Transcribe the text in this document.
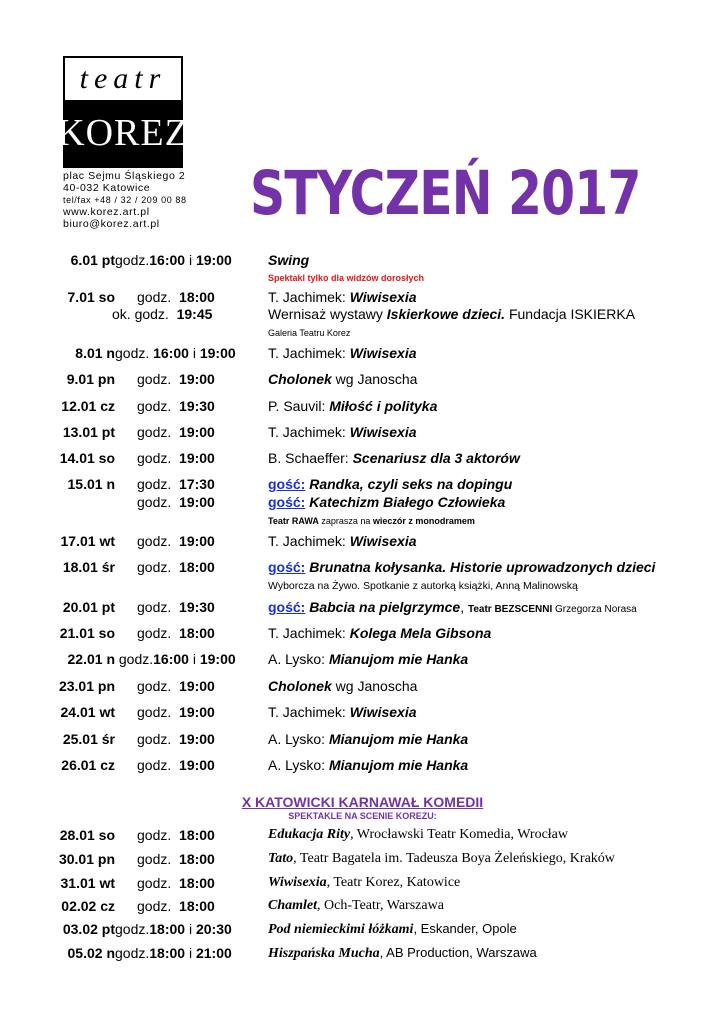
teatr
KOREZ
plac Sejmu Śląskiego 2
40-032 Katowice
tel/fax +48 / 32 / 209 00 88
www.korez.art.pl
biuro@korez.art.pl	STYCZEŃ 2017
6.01 pt godz.16:00 i 19:00	Swing
Spektakl tylko dla widzów dorosłych
7.01 so godz. 18:00	T. Jachimek: Wiwisexia
ok. godz. 19:45	Wernisaż wystawy Iskierkowe dzieci. Fundacja ISKIERKA
Galeria Teatru Korez
8.01 n godz. 16:00 i 19:00	T. Jachimek: Wiwisexia
9.01 pn godz. 19:00	Cholonek wg Janoscha
12.01 cz godz. 19:30	P. Sauvil: Miłość i polityka
13.01 pt godz. 19:00	T. Jachimek: Wiwisexia
14.01 so godz. 19:00	B. Schaeffer: Scenariusz dla 3 aktorów
15.01 n godz. 17:30	gość: Randka, czyli seks na dopingu
godz. 19:00	gość: Katechizm Białego Człowieka
Teatr RAWA zaprasza na wieczór z monodramem
17.01 wt godz. 19:00	T. Jachimek: Wiwisexia
18.01 śr godz. 18:00	gość: Brunatna kołysanka. Historie uprowadzonych dzieci
Wyborcza na Żywo. Spotkanie z autorką książki, Anną Malinowską
20.01 pt godz. 19:30	gość: Babcia na pielgrzymce, Teatr BEZSCENNI Grzegorza Norasa
21.01 so godz. 18:00	T. Jachimek: Kolega Mela Gibsona
22.01 n godz.16:00 i 19:00	A. Lysko: Mianujom mie Hanka
23.01 pn godz. 19:00	Cholonek wg Janoscha
24.01 wt godz. 19:00	T. Jachimek: Wiwisexia
25.01 śr godz. 19:00	A. Lysko: Mianujom mie Hanka
26.01 cz godz. 19:00	A. Lysko: Mianujom mie Hanka
X KATOWICKI KARNAWAŁ KOMEDII
SPEKTAKLE NA SCENIE KOREZU:
28.01 so godz. 18:00	Edukacja Rity, Wrocławski Teatr Komedia, Wrocław
30.01 pn godz. 18:00	Tato, Teatr Bagatela im. Tadeusza Boya Żeleńskiego, Kraków
31.01 wt godz. 18:00	Wiwisexia, Teatr Korez, Katowice
02.02 cz godz. 18:00	Chamlet, Och-Teatr, Warszawa
03.02 pt godz.18:00 i 20:30	Pod niemieckimi łóżkami, Eskander, Opole
05.02 n godz.18:00 i 21:00	Hiszpańska Mucha, AB Production, Warszawa
